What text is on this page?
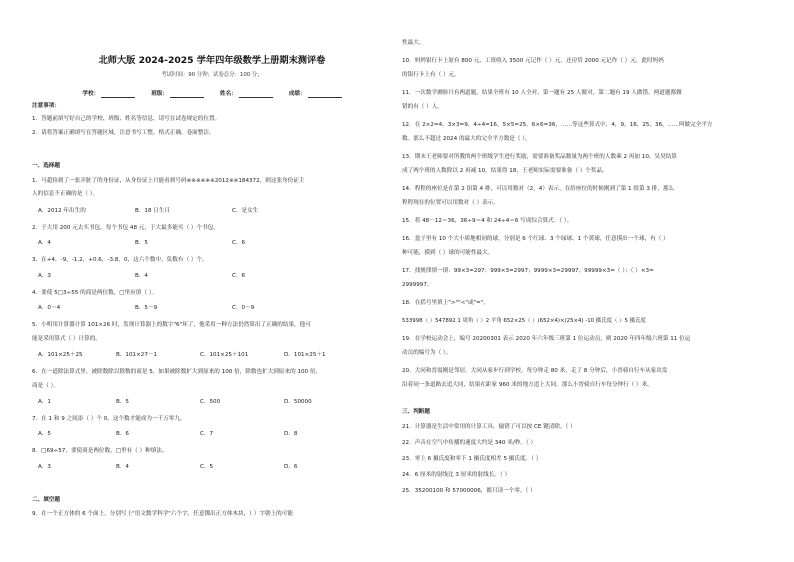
北师大版 2024-2025 学年四年级数学上册期末测评卷
考试时间：90 分钟；试卷总分：100 分；
学校：	班级：	姓名：	成绩：
注意事项：
1．答题前填写好自己的学校、班级、姓名等信息，请写在试卷规定的位置。
2．请将答案正确填写在答题区域，注意书写工整，格式正确，卷面整洁。
一、选择题
1．马超捡到了一张弄脏了的身份证，从身份证上只能看到号码※※※※※※2012※※184372，则这张身份证主
人的信息不正确的是（ ）。
A．2012 年出生的	B．18 日生日	C．是女生
2．于大用 200 元去买书包，每个书包 48 元，于大最多能买（ ）个书包。
A．4	B．5	C．6
3．在+4，-9，-1.2，+0.6，-3.8，0，这六个数中，负数有（ ）个。
A．3	B．4	C．6
4．要使 5□3÷55 的商是两位数，□里应填（ ）。
A．0～4	B．5～9	C．0～9
5．小明用计算器计算 101×26 时，发现计算器上的数字"6"坏了，他采用一种方法仍然算出了正确的结果，他可
能是采用算式（ ）计算的。
A．101×25＋25	B．101×27－1	C．101×25＋101	D．101×25＋1
6．在一道除法算式里，被除数除以除数的商是 5，如果被除数扩大到原来的 100 倍，除数也扩大到原来的 100 倍，
商是（ ）。
A．1	B．5	C．500	D．50000
7．在 1 和 9 之间添（ ）个 0，这个数才能成为一千万零九。
A．5	B．6	C．7	D．8
8．□69÷57，要使商是两位数，□里有（ ）种填法。
A．3	B．4	C．5	D．6
二、填空题
9．在一个正方体的 6 个面上，分别写上"语文数学科学"六个字，任意掷出正方体木块，（ ）字朝上的可能
性最大。
10．妈妈银行卡上原有 800 元，工资收入 3500 元记作（ ）元，还房贷 2000 元记作（ ）元，此时妈妈
的银行卡上有（ ）元。
11．一次数学测验只有两道题，结果全班有 10 人全对，第一题有 25 人做对，第二题有 19 人做错，两道题都做
错的有（ ）人。
12．在 2×2=4，3×3=9，4÷4=16，5×5=25，6×6=36，……等这些算式中，4，9，16，25，36，……叫做完全平方
数。那么不超过 2024 的最大的完全平方数是（ ）。
13．期末王老师要对所教的两个班级学生进行奖励，需要准备奖品数量为两个班的人数乘 2 再加 10，吴昊结算
成了两个班的人数除以 2 再减 10，结果得 18，王老师实际需要准备（ ）个奖品。
14．程程的座位是在第 2 组第 4 排，可以用数对（2，4）表示，在给座位的时候刚到了第 1 组第 3 排，那么
程程现在的位置可以用数对（ ）表示。
15．将 48－12＝36，36÷9＝4 和 24÷4＝6 写成综合算式：（ ）。
16．盒子里有 10 个大小质地相同的球，分别是 6 个红球、3 个绿球、1 个黄球，任意摸出一个球，有（ ）
种可能，摸到（ ）球的可能性最大。
17．找规律填一填：99×3=297；999×3=2997；9999×3=29997；99999×3=（ ）；（ ）×3=
2999997。
18．在括号里填上">""<"或"="。
533998（ ）547892 1 周角（ ）2 平角 652×25（ ）(652×4)×(25×4) -10 摄氏度（ ）5 摄氏度
19．在学校运动会上，编号 20200301 表示 2020 年六年级三班第 1 位运动员，则 2020 年四年级六班第 11 位运
动员的编号为（ ）。
20．大同和晋震刚是邻居。大同从家步行到学校，每分钟走 80 米，走了 8 分钟后，小晋骑自行车从家出发
沿着同一条道路去追大同，结果在距家 960 米的地方追上大同。那么小晋骑自行车每分钟行（ ）米。
三、判断题
21．计算器是生活中常用的计算工具，输错了可以按 CE 键清除。（ ）
22．声音在空气中传播的速度大约是 340 米/秒。（ ）
23．零上 6 摄氏度和零下 1 摄氏度相差 5 摄氏度。（ ）
24．6 厘米的射线比 3 厘米的射线长。（ ）
25．35200100 和 57000006，都只读一个零。（ ）
